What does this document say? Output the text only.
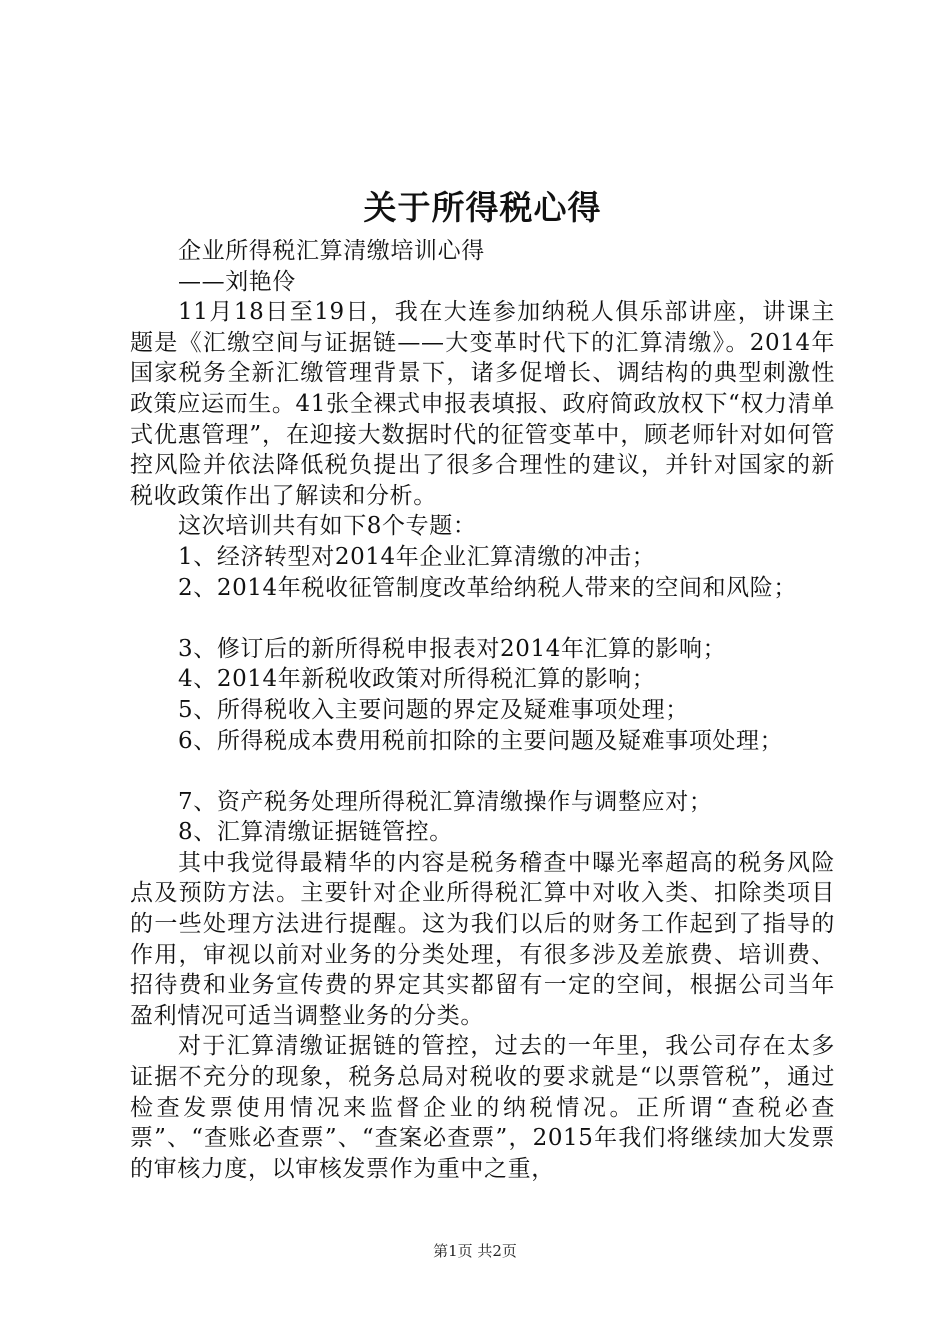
关于所得税心得

企业所得税汇算清缴培训心得

——刘艳伶

11月18日至19日，我在大连参加纳税人俱乐部讲座，讲课主题是《汇缴空间与证据链——大变革时代下的汇算清缴》。2014年国家税务全新汇缴管理背景下，诸多促增长、调结构的典型刺激性政策应运而生。41张全裸式申报表填报、政府简政放权下“权力清单式优惠管理”，在迎接大数据时代的征管变革中，顾老师针对如何管控风险并依法降低税负提出了很多合理性的建议，并针对国家的新税收政策作出了解读和分析。

这次培训共有如下8个专题：

1、经济转型对2014年企业汇算清缴的冲击；

2、2014年税收征管制度改革给纳税人带来的空间和风险；

3、修订后的新所得税申报表对2014年汇算的影响；

4、2014年新税收政策对所得税汇算的影响；

5、所得税收入主要问题的界定及疑难事项处理；

6、所得税成本费用税前扣除的主要问题及疑难事项处理；

7、资产税务处理所得税汇算清缴操作与调整应对；

8、汇算清缴证据链管控。

其中我觉得最精华的内容是税务稽查中曝光率超高的税务风险点及预防方法。主要针对企业所得税汇算中对收入类、扣除类项目的一些处理方法进行提醒。这为我们以后的财务工作起到了指导的作用，审视以前对业务的分类处理，有很多涉及差旅费、培训费、招待费和业务宣传费的界定其实都留有一定的空间，根据公司当年盈利情况可适当调整业务的分类。

对于汇算清缴证据链的管控，过去的一年里，我公司存在太多证据不充分的现象，税务总局对税收的要求就是“以票管税”，通过检查发票使用情况来监督企业的纳税情况。正所谓“查税必查票”、“查账必查票”、“查案必查票”，2015年我们将继续加大发票的审核力度，以审核发票作为重中之重，

第1页 共2页
